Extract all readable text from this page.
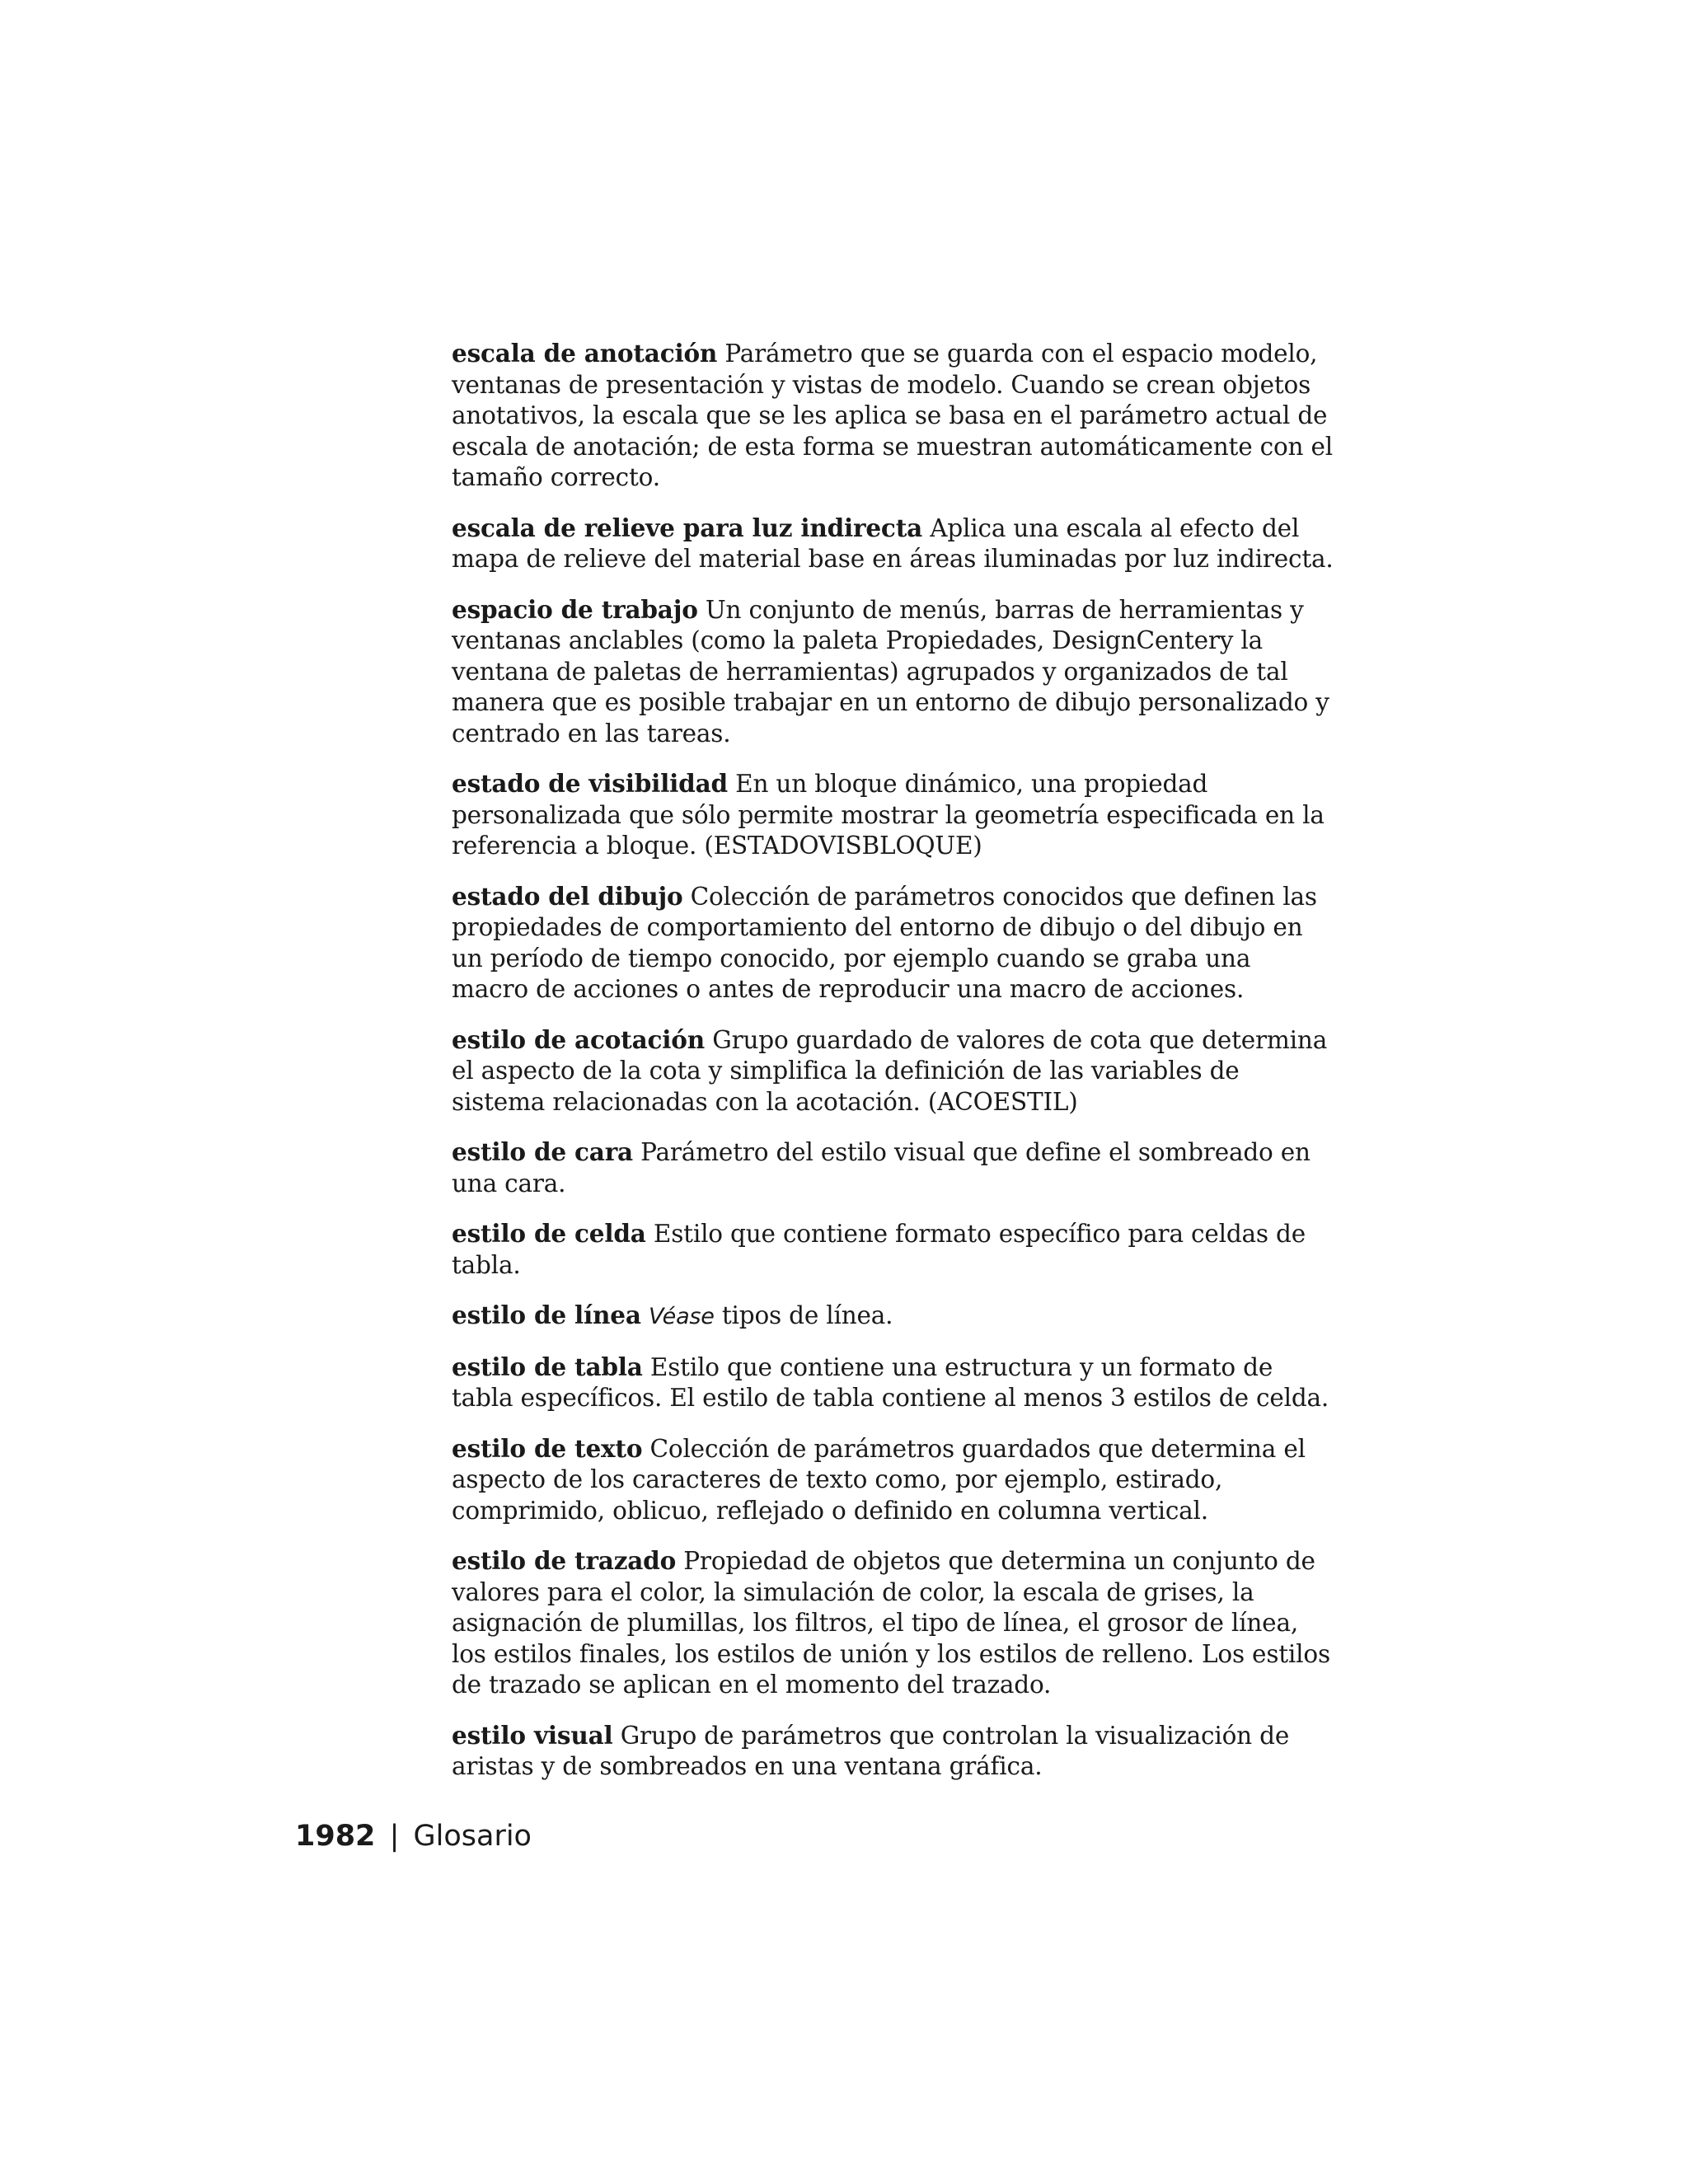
escala de anotación Parámetro que se guarda con el espacio modelo, ventanas de presentación y vistas de modelo. Cuando se crean objetos anotativos, la escala que se les aplica se basa en el parámetro actual de escala de anotación; de esta forma se muestran automáticamente con el tamaño correcto.

escala de relieve para luz indirecta Aplica una escala al efecto del mapa de relieve del material base en áreas iluminadas por luz indirecta.

espacio de trabajo Un conjunto de menús, barras de herramientas y ventanas anclables (como la paleta Propiedades, DesignCentery la ventana de paletas de herramientas) agrupados y organizados de tal manera que es posible trabajar en un entorno de dibujo personalizado y centrado en las tareas.

estado de visibilidad En un bloque dinámico, una propiedad personalizada que sólo permite mostrar la geometría especificada en la referencia a bloque. (ESTADOVISBLOQUE)

estado del dibujo Colección de parámetros conocidos que definen las propiedades de comportamiento del entorno de dibujo o del dibujo en un período de tiempo conocido, por ejemplo cuando se graba una macro de acciones o antes de reproducir una macro de acciones.

estilo de acotación Grupo guardado de valores de cota que determina el aspecto de la cota y simplifica la definición de las variables de sistema relacionadas con la acotación. (ACOESTIL)

estilo de cara Parámetro del estilo visual que define el sombreado en una cara.

estilo de celda Estilo que contiene formato específico para celdas de tabla.

estilo de línea Véase tipos de línea.

estilo de tabla Estilo que contiene una estructura y un formato de tabla específicos. El estilo de tabla contiene al menos 3 estilos de celda.

estilo de texto Colección de parámetros guardados que determina el aspecto de los caracteres de texto como, por ejemplo, estirado, comprimido, oblicuo, reflejado o definido en columna vertical.

estilo de trazado Propiedad de objetos que determina un conjunto de valores para el color, la simulación de color, la escala de grises, la asignación de plumillas, los filtros, el tipo de línea, el grosor de línea, los estilos finales, los estilos de unión y los estilos de relleno. Los estilos de trazado se aplican en el momento del trazado.

estilo visual Grupo de parámetros que controlan la visualización de aristas y de sombreados en una ventana gráfica.

1982 | Glosario
